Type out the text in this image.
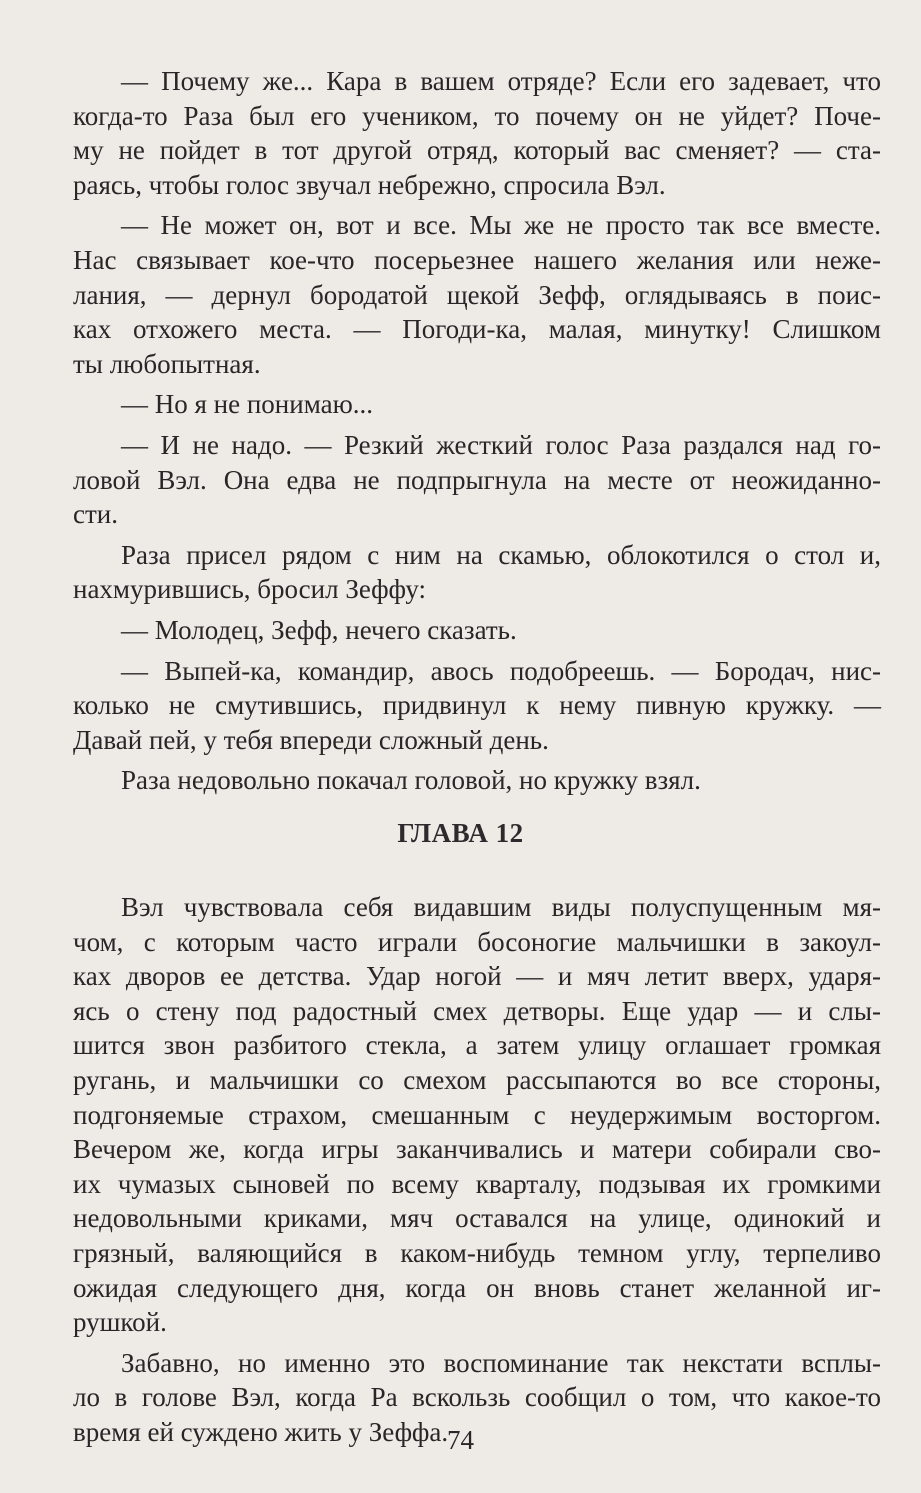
— Почему же... Кара в вашем отряде? Если его задевает, что
когда-то Раза был его учеником, то почему он не уйдет? Поче-
му не пойдет в тот другой отряд, который вас сменяет? — ста-
раясь, чтобы голос звучал небрежно, спросила Вэл.
— Не может он, вот и все. Мы же не просто так все вместе.
Нас связывает кое-что посерьезнее нашего желания или неже-
лания, — дернул бородатой щекой Зефф, оглядываясь в поис-
ках отхожего места. — Погоди-ка, малая, минутку! Слишком
ты любопытная.
— Но я не понимаю...
— И не надо. — Резкий жесткий голос Раза раздался над го-
ловой Вэл. Она едва не подпрыгнула на месте от неожиданно-
сти.
Раза присел рядом с ним на скамью, облокотился о стол и,
нахмурившись, бросил Зеффу:
— Молодец, Зефф, нечего сказать.
— Выпей-ка, командир, авось подобреешь. — Бородач, нис-
колько не смутившись, придвинул к нему пивную кружку. —
Давай пей, у тебя впереди сложный день.
Раза недовольно покачал головой, но кружку взял.
ГЛАВА 12
Вэл чувствовала себя видавшим виды полуспущенным мя-
чом, с которым часто играли босоногие мальчишки в закоул-
ках дворов ее детства. Удар ногой — и мяч летит вверх, ударя-
ясь о стену под радостный смех детворы. Еще удар — и слы-
шится звон разбитого стекла, а затем улицу оглашает громкая
ругань, и мальчишки со смехом рассыпаются во все стороны,
подгоняемые страхом, смешанным с неудержимым восторгом.
Вечером же, когда игры заканчивались и матери собирали сво-
их чумазых сыновей по всему кварталу, подзывая их громкими
недовольными криками, мяч оставался на улице, одинокий и
грязный, валяющийся в каком-нибудь темном углу, терпеливо
ожидая следующего дня, когда он вновь станет желанной иг-
рушкой.
Забавно, но именно это воспоминание так некстати всплы-
ло в голове Вэл, когда Ра вскользь сообщил о том, что какое-то
время ей суждено жить у Зеффа.
74
